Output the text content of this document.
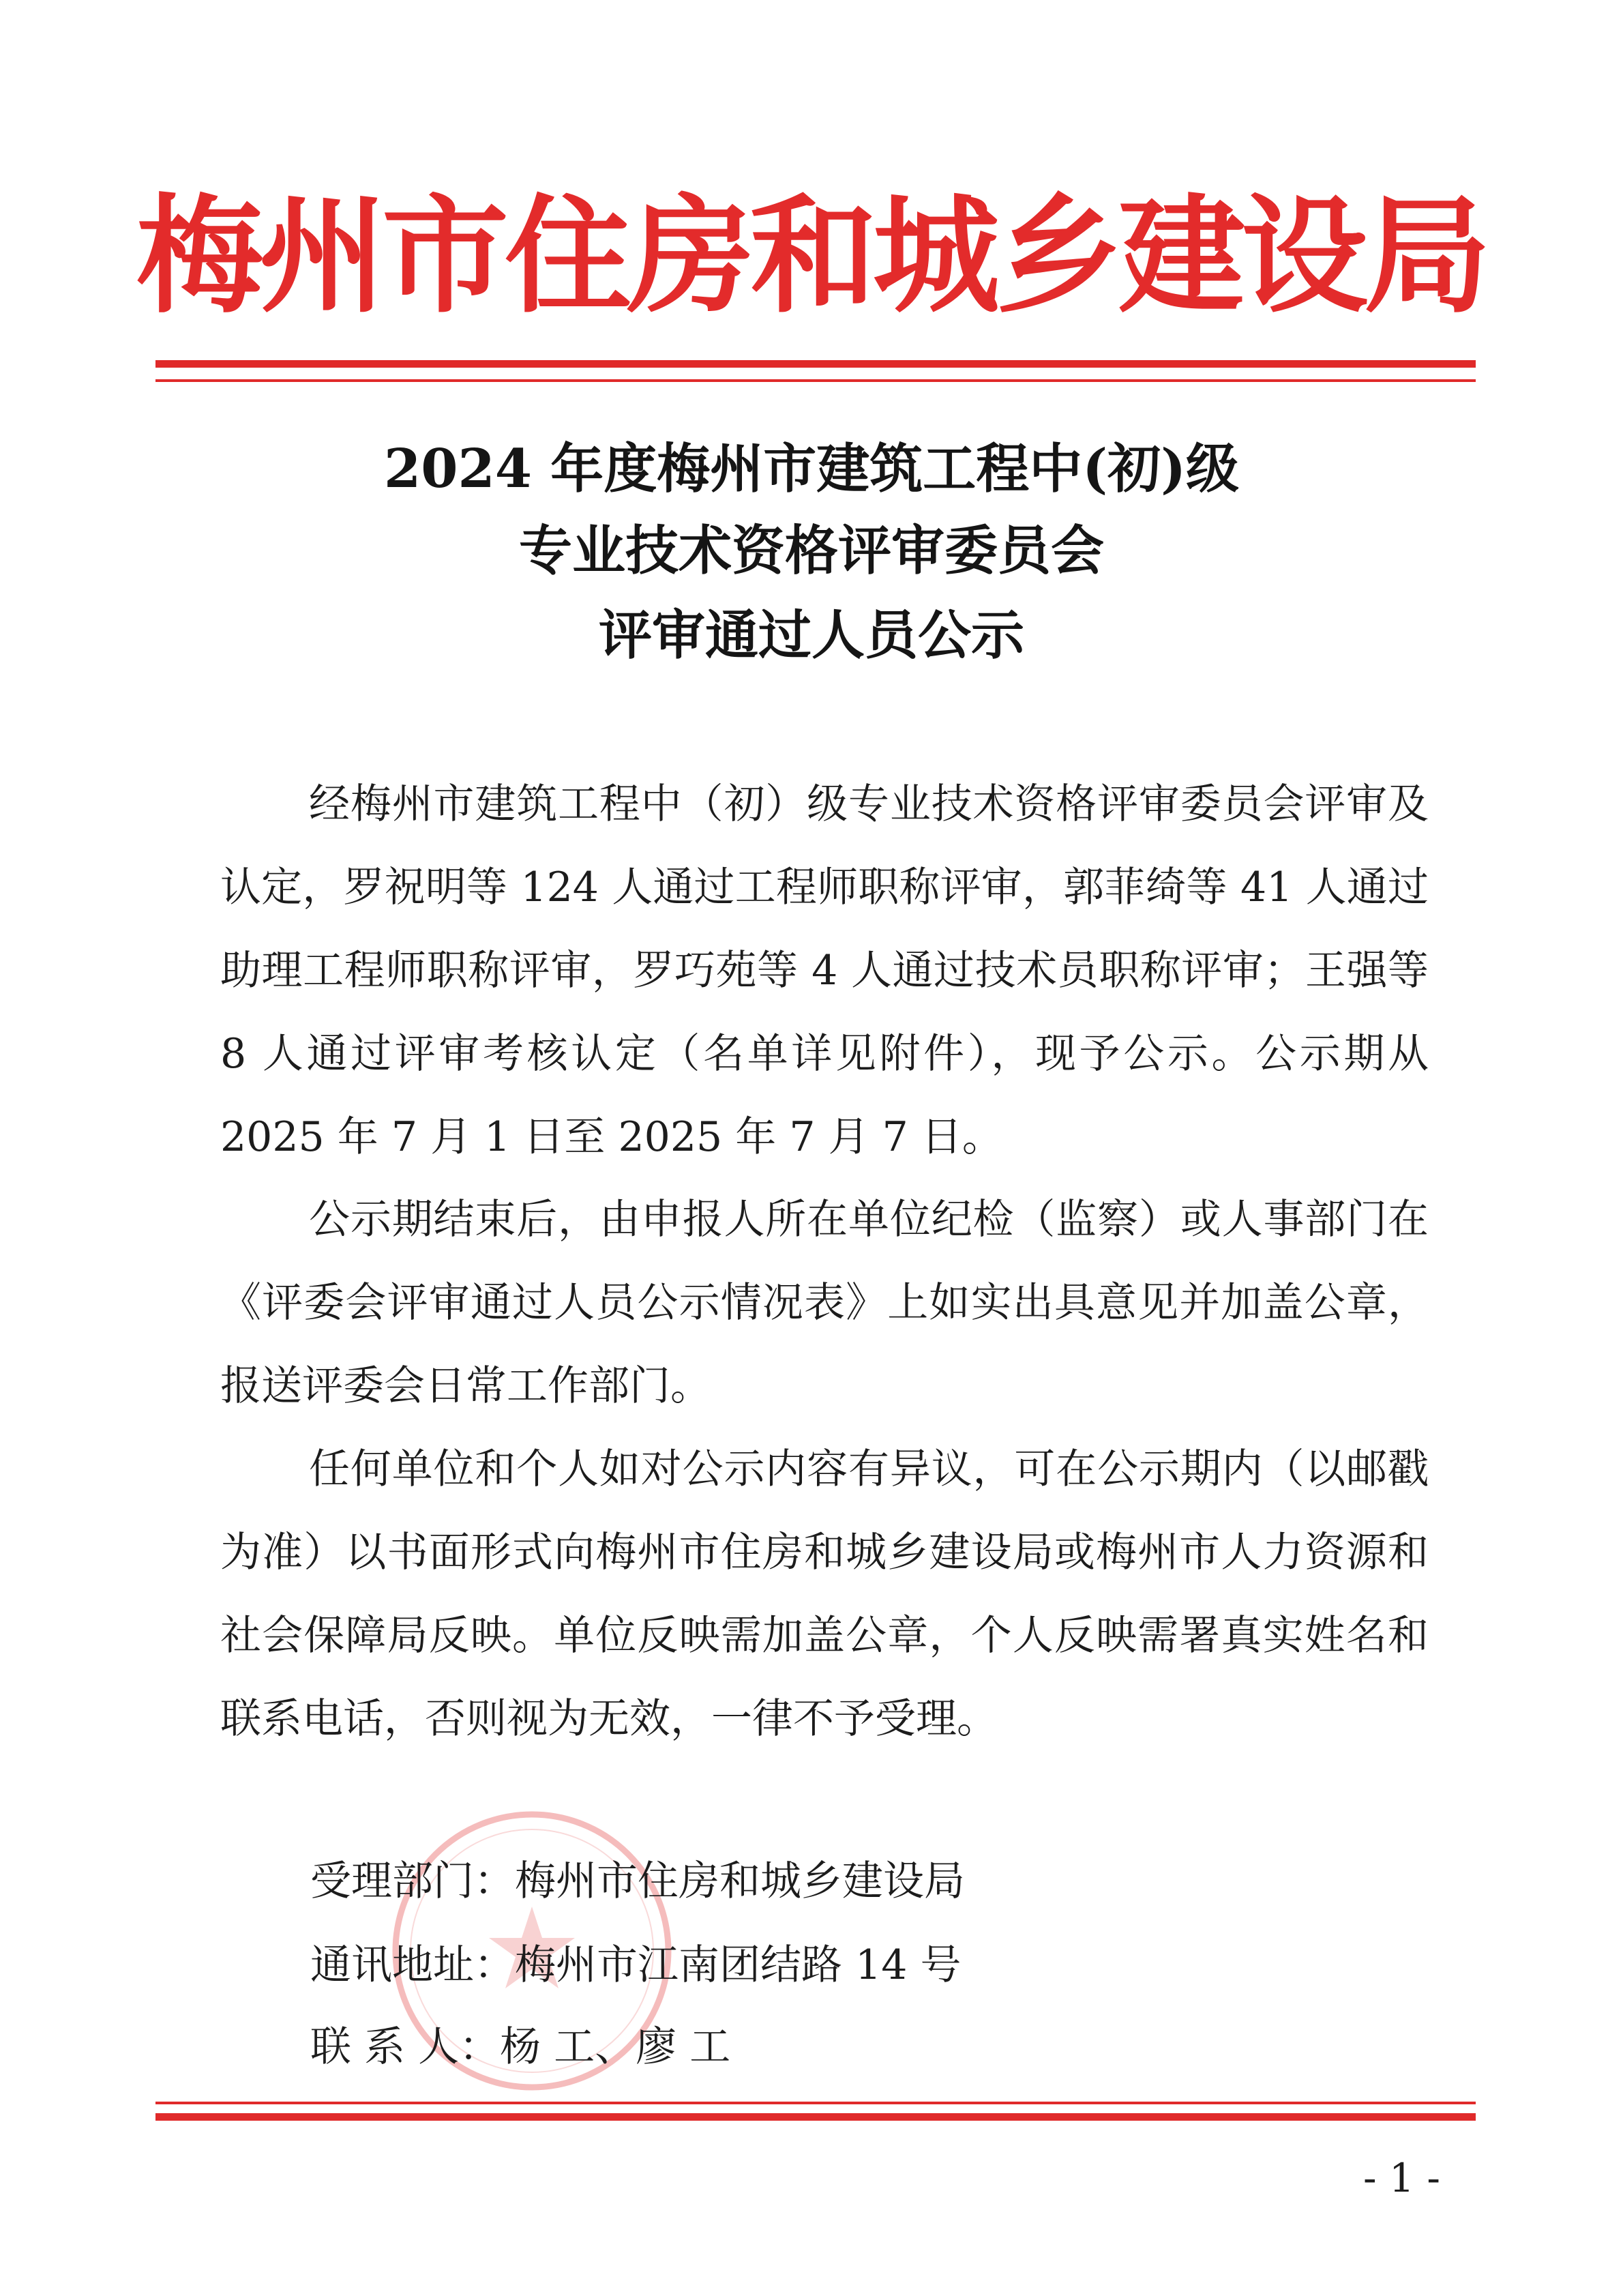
梅州市住房和城乡建设局
2024 年度梅州市建筑工程中(初)级
专业技术资格评审委员会
评审通过人员公示

经梅州市建筑工程中（初）级专业技术资格评审委员会评审及认定，罗祝明等 124 人通过工程师职称评审，郭菲绮等 41 人通过助理工程师职称评审，罗巧苑等 4 人通过技术员职称评审；王强等 8 人通过评审考核认定（名单详见附件），现予公示。公示期从 2025 年 7 月 1 日至 2025 年 7 月 7 日。

公示期结束后，由申报人所在单位纪检（监察）或人事部门在《评委会评审通过人员公示情况表》上如实出具意见并加盖公章，报送评委会日常工作部门。

任何单位和个人如对公示内容有异议，可在公示期内（以邮戳为准）以书面形式向梅州市住房和城乡建设局或梅州市人力资源和社会保障局反映。单位反映需加盖公章，个人反映需署真实姓名和联系电话，否则视为无效，一律不予受理。

受理部门：梅州市住房和城乡建设局
通讯地址：梅州市江南团结路 14 号
联 系 人：杨 工、廖 工
- 1 -
